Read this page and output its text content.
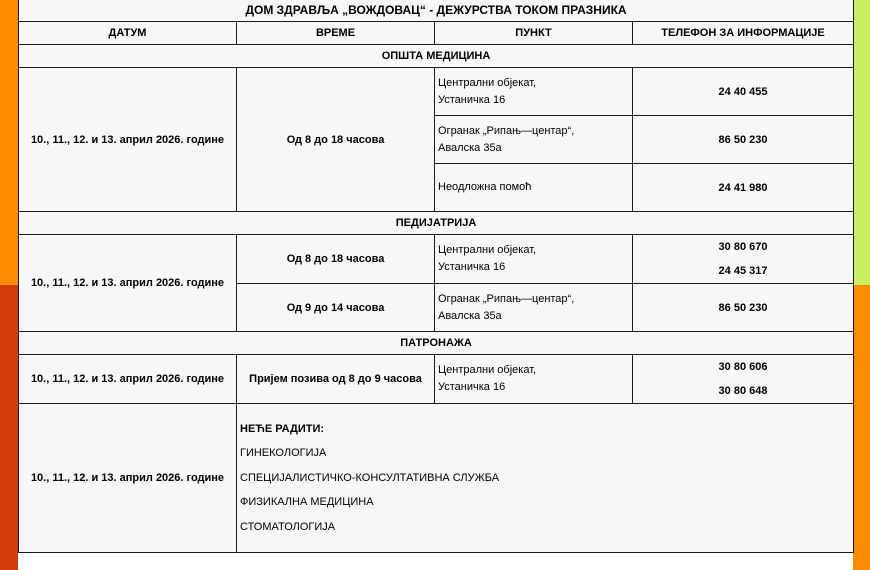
ДОМ ЗДРАВЉА „ВОЖДОВАЦ“ - ДЕЖУРСТВА ТОКОМ ПРАЗНИКА			
ДАТУМ	ВРЕМЕ	ПУНКТ	ТЕЛЕФОН ЗА ИНФОРМАЦИЈЕ
ОПШТА МЕДИЦИНА			
10., 11., 12. и 13. април 2026. године	Од 8 до 18 часова	Централни објекат,
Устаничка 16	24 40 455
		Огранак „Рипањ—центар“,
Авалска 35а	86 50 230
		Неодложна помоћ	24 41 980
ПЕДИЈАТРИЈА			
10., 11., 12. и 13. април 2026. године	Од 8 до 18 часова	Централни објекат,
Устаничка 16	30 80 670
24 45 317

	Од 9 до 14 часова	Огранак „Рипањ—центар“,
Авалска 35а	86 50 230
ПАТРОНАЖА			
10., 11., 12. и 13. април 2026. године	Пријем позива од 8 до 9 часова	Централни објекат,
Устаничка 16	30 80 606
30 80 648

10., 11., 12. и 13. април 2026. године	НЕЋЕ РАДИТИ:
ГИНЕКОЛОГИЈА
СПЕЦИЈАЛИСТИЧКО-КОНСУЛТАТИВНА СЛУЖБА
ФИЗИКАЛНА МЕДИЦИНА
СТОМАТОЛОГИЈА		
